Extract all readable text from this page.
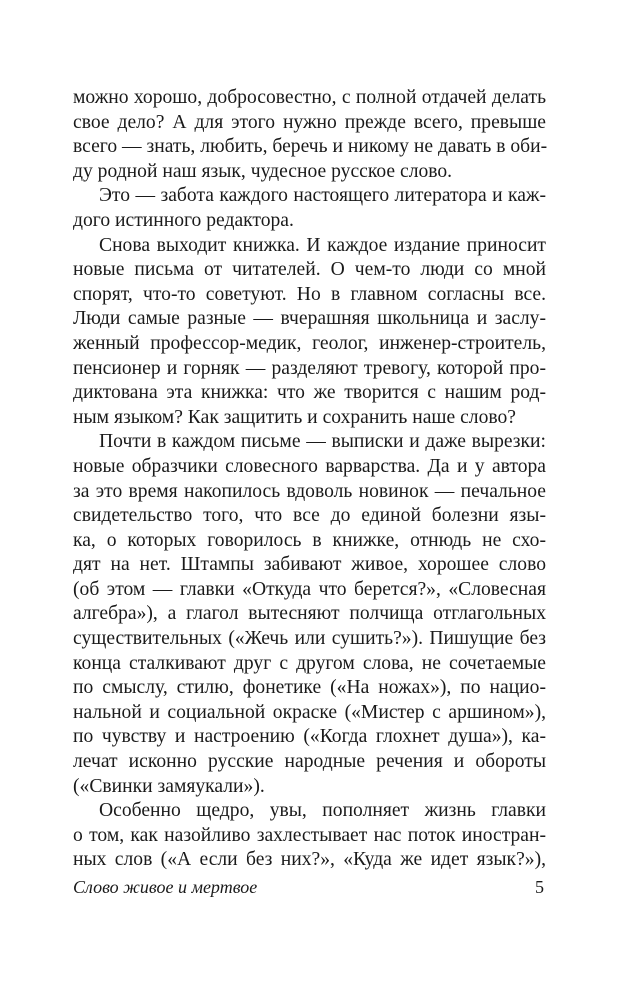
можно хорошо, добросовестно, с полной отдачей делать
свое дело? А для этого нужно прежде всего, превыше
всего — знать, любить, беречь и никому не давать в оби-
ду родной наш язык, чудесное русское слово.
Это — забота каждого настоящего литератора и каж-
дого истинного редактора.
Снова выходит книжка. И каждое издание приносит
новые письма от читателей. О чем-то люди со мной
спорят, что-то советуют. Но в главном согласны все.
Люди самые разные — вчерашняя школьница и заслу-
женный профессор-медик, геолог, инженер-строитель,
пенсионер и горняк — разделяют тревогу, которой про-
диктована эта книжка: что же творится с нашим род-
ным языком? Как защитить и сохранить наше слово?
Почти в каждом письме — выписки и даже вырезки:
новые образчики словесного варварства. Да и у автора
за это время накопилось вдоволь новинок — печальное
свидетельство того, что все до единой болезни язы-
ка, о которых говорилось в книжке, отнюдь не схо-
дят на нет. Штампы забивают живое, хорошее слово
(об этом — главки «Откуда что берется?», «Словесная
алгебра»), а глагол вытесняют полчища отглагольных
существительных («Жечь или сушить?»). Пишущие без
конца сталкивают друг с другом слова, не сочетаемые
по смыслу, стилю, фонетике («На ножах»), по нацио-
нальной и социальной окраске («Мистер с аршином»),
по чувству и настроению («Когда глохнет душа»), ка-
лечат исконно русские народные речения и обороты
(«Свинки замяукали»).
Особенно щедро, увы, пополняет жизнь главки
о том, как назойливо захлестывает нас поток иностран-
ных слов («А если без них?», «Куда же идет язык?»),
Слово живое и мертвое	5
